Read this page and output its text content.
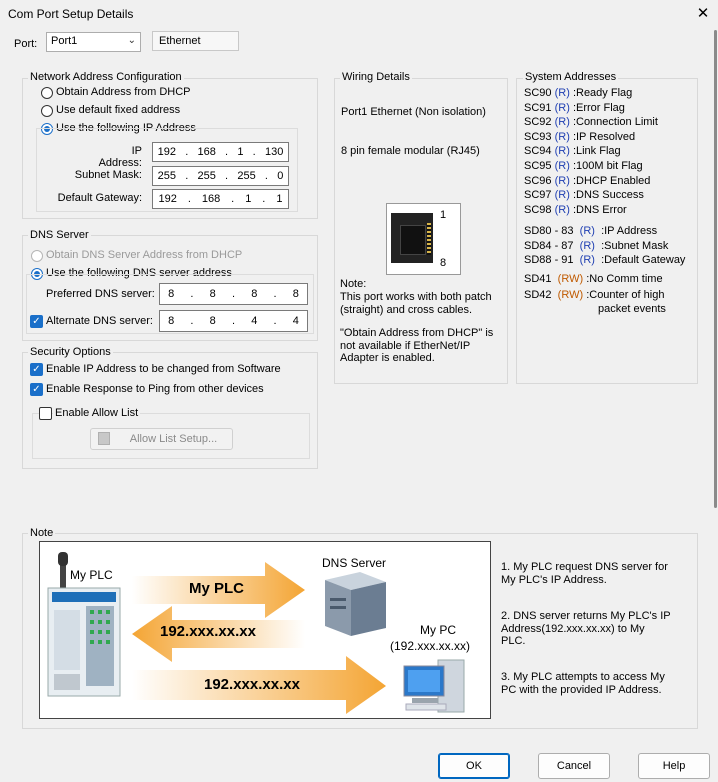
Com Port Setup Details	✕
Port:	Port1	⌄	Ethernet
Network Address Configuration
Obtain Address from DHCP
Use default fixed address
Use the following IP Address
IP Address:
192 . 168 . 1 . 130
Subnet Mask: 255 . 255 . 255 . 0
Default Gateway: 192 . 168 . 1 . 1
DNS Server
Obtain DNS Server Address from DHCP
Use the following DNS server address
Preferred DNS server: 8 . 8 . 8 . 8
✓ Alternate DNS server: 8 . 8 . 4 . 4
Security Options
✓ Enable IP Address to be changed from Software
✓ Enable Response to Ping from other devices
Enable Allow List
Allow List Setup...
Wiring Details
Port1 Ethernet (Non isolation)
8 pin female modular (RJ45)
1
8
Note:
This port works with both patch (straight) and cross cables.
"Obtain Address from DHCP" is not available if EtherNet/IP Adapter is enabled.
System Addresses
SC90 (R) :Ready Flag
SC91 (R) :Error Flag
SC92 (R) :Connection Limit
SC93 (R) :IP Resolved
SC94 (R) :Link Flag
SC95 (R) :100M bit Flag
SC96 (R) :DHCP Enabled
SC97 (R) :DNS Success
SC98 (R) :DNS Error
SD80 - 83 (R) :IP Address
SD84 - 87 (R) :Subnet Mask
SD88 - 91 (R) :Default Gateway
SD41 (RW) :No Comm time
SD42 (RW) :Counter of high
packet events
Note
My PLC
DNS Server
My PC
(192.xxx.xx.xx)
My PLC
192.xxx.xx.xx
192.xxx.xx.xx
1. My PLC request DNS server for My PLC's IP Address.
2. DNS server returns My PLC's IP Address(192.xxx.xx.xx) to My PLC.
3. My PLC attempts to access My PC with the provided IP Address.
OK	Cancel	Help
